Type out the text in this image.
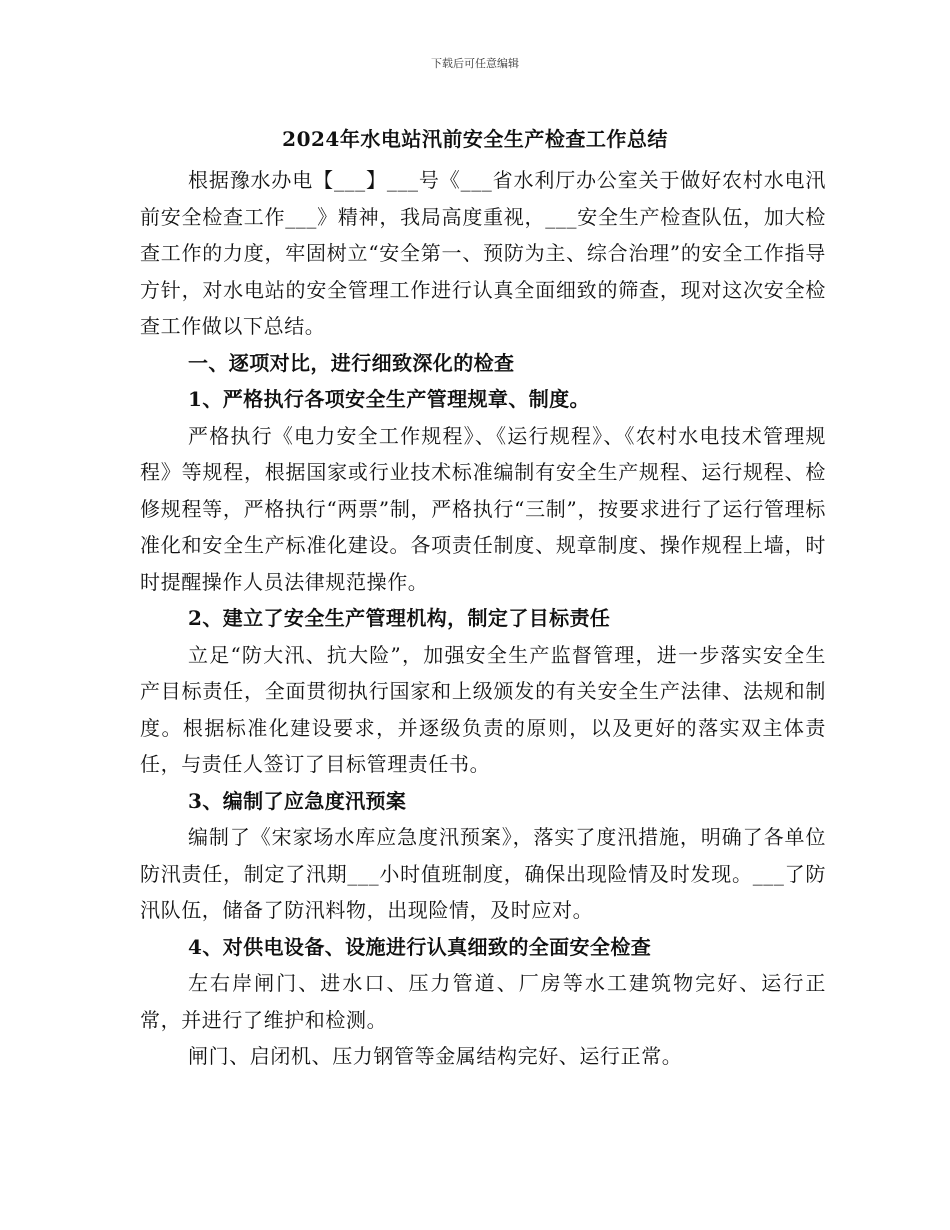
下载后可任意编辑
2024年水电站汛前安全生产检查工作总结

根据豫水办电【___】___号《___省水利厅办公室关于做好农村水电汛前安全检查工作___》精神，我局高度重视，___安全生产检查队伍，加大检查工作的力度，牢固树立“安全第一、预防为主、综合治理”的安全工作指导方针，对水电站的安全管理工作进行认真全面细致的筛查，现对这次安全检查工作做以下总结。

一、逐项对比，进行细致深化的检查

1、严格执行各项安全生产管理规章、制度。

严格执行《电力安全工作规程》、《运行规程》、《农村水电技术管理规程》等规程，根据国家或行业技术标准编制有安全生产规程、运行规程、检修规程等，严格执行“两票”制，严格执行“三制”，按要求进行了运行管理标准化和安全生产标准化建设。各项责任制度、规章制度、操作规程上墙，时时提醒操作人员法律规范操作。

2、建立了安全生产管理机构，制定了目标责任

立足“防大汛、抗大险”，加强安全生产监督管理，进一步落实安全生产目标责任，全面贯彻执行国家和上级颁发的有关安全生产法律、法规和制度。根据标准化建设要求，并逐级负责的原则，以及更好的落实双主体责任，与责任人签订了目标管理责任书。

3、编制了应急度汛预案

编制了《宋家场水库应急度汛预案》，落实了度汛措施，明确了各单位防汛责任，制定了汛期___小时值班制度，确保出现险情及时发现。___了防汛队伍，储备了防汛料物，出现险情，及时应对。

4、对供电设备、设施进行认真细致的全面安全检查

左右岸闸门、进水口、压力管道、厂房等水工建筑物完好、运行正常，并进行了维护和检测。

闸门、启闭机、压力钢管等金属结构完好、运行正常。
